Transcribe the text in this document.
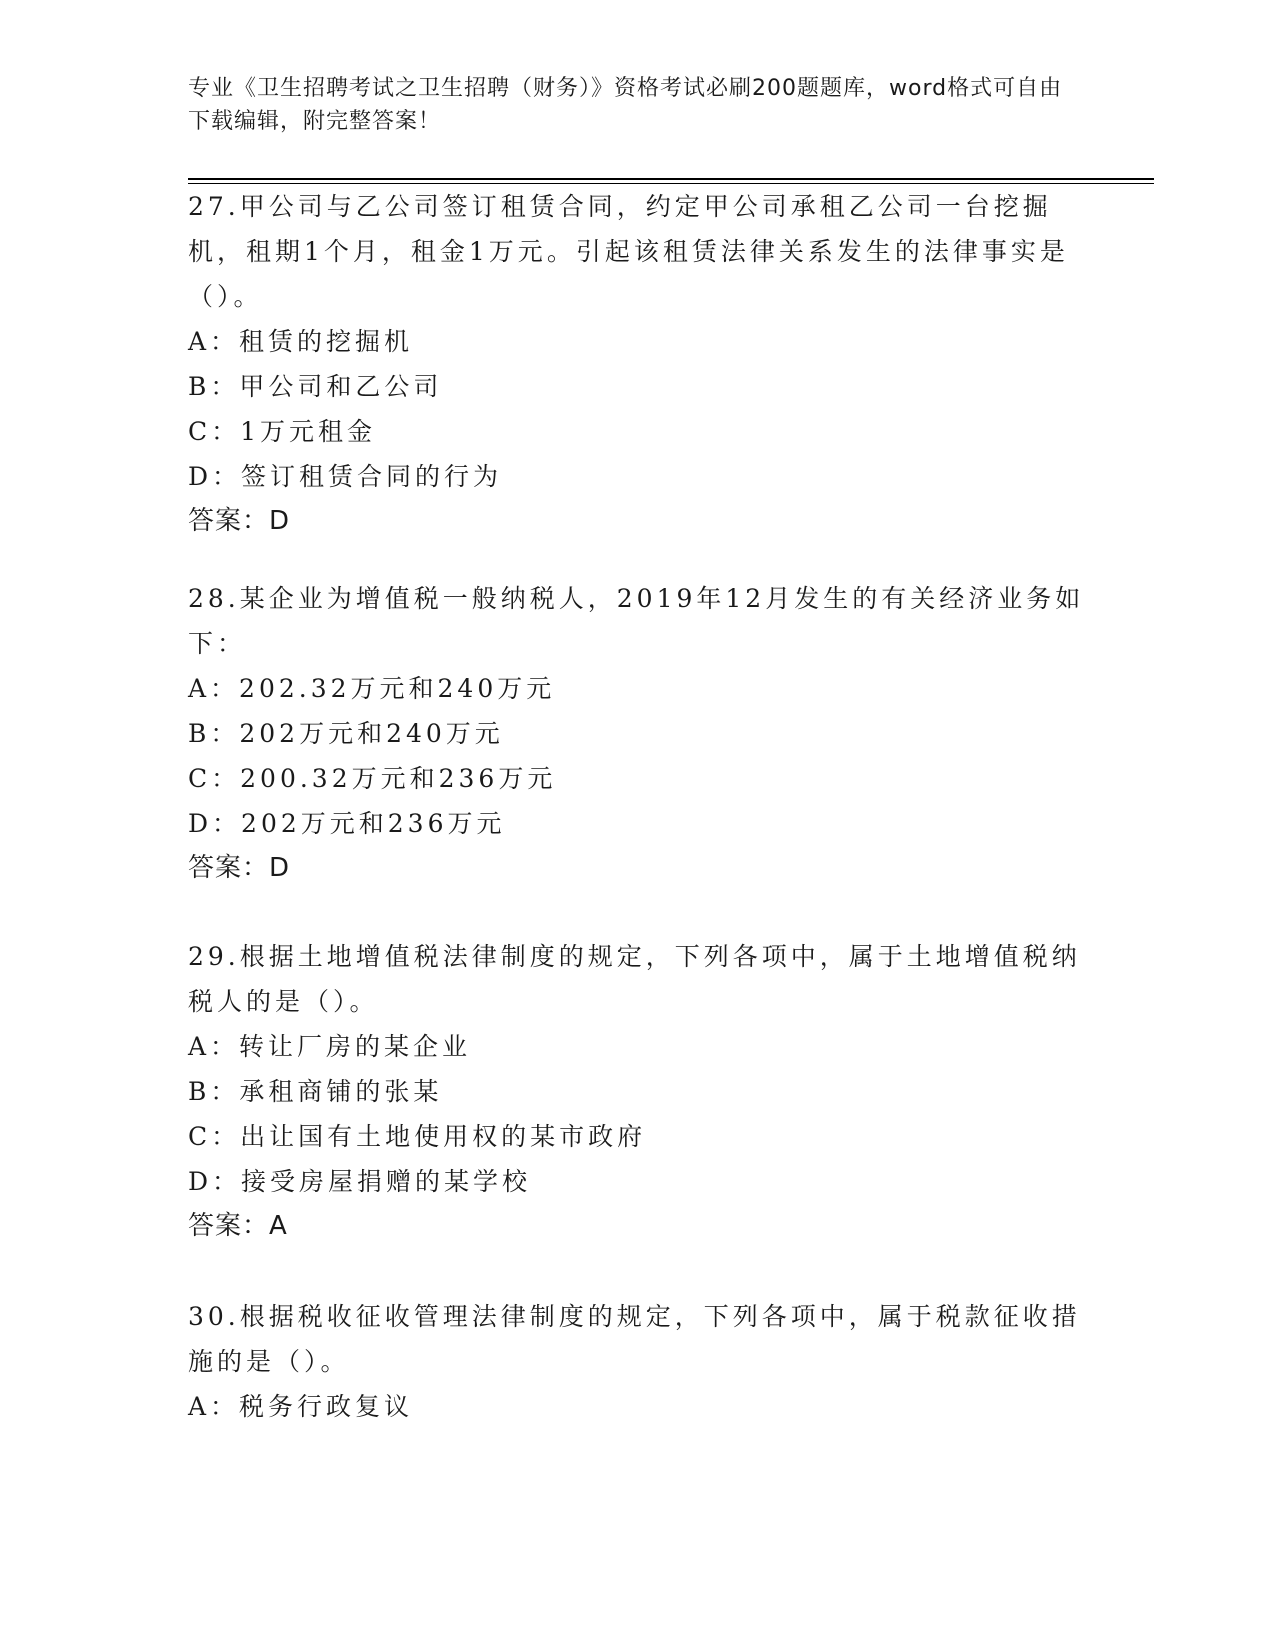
专业《卫生招聘考试之卫生招聘（财务）》资格考试必刷200题题库，word格式可自由下载编辑，附完整答案！

27.甲公司与乙公司签订租赁合同，约定甲公司承租乙公司一台挖掘机，租期1个月，租金1万元。引起该租赁法律关系发生的法律事实是（）。

A：租赁的挖掘机
B：甲公司和乙公司
C：1万元租金
D：签订租赁合同的行为
答案：D

28.某企业为增值税一般纳税人，2019年12月发生的有关经济业务如下：

A：202.32万元和240万元
B：202万元和240万元
C：200.32万元和236万元
D：202万元和236万元
答案：D

29.根据土地增值税法律制度的规定，下列各项中，属于土地增值税纳税人的是（）。

A：转让厂房的某企业
B：承租商铺的张某
C：出让国有土地使用权的某市政府
D：接受房屋捐赠的某学校
答案：A

30.根据税收征收管理法律制度的规定，下列各项中，属于税款征收措施的是（）。

A：税务行政复议
